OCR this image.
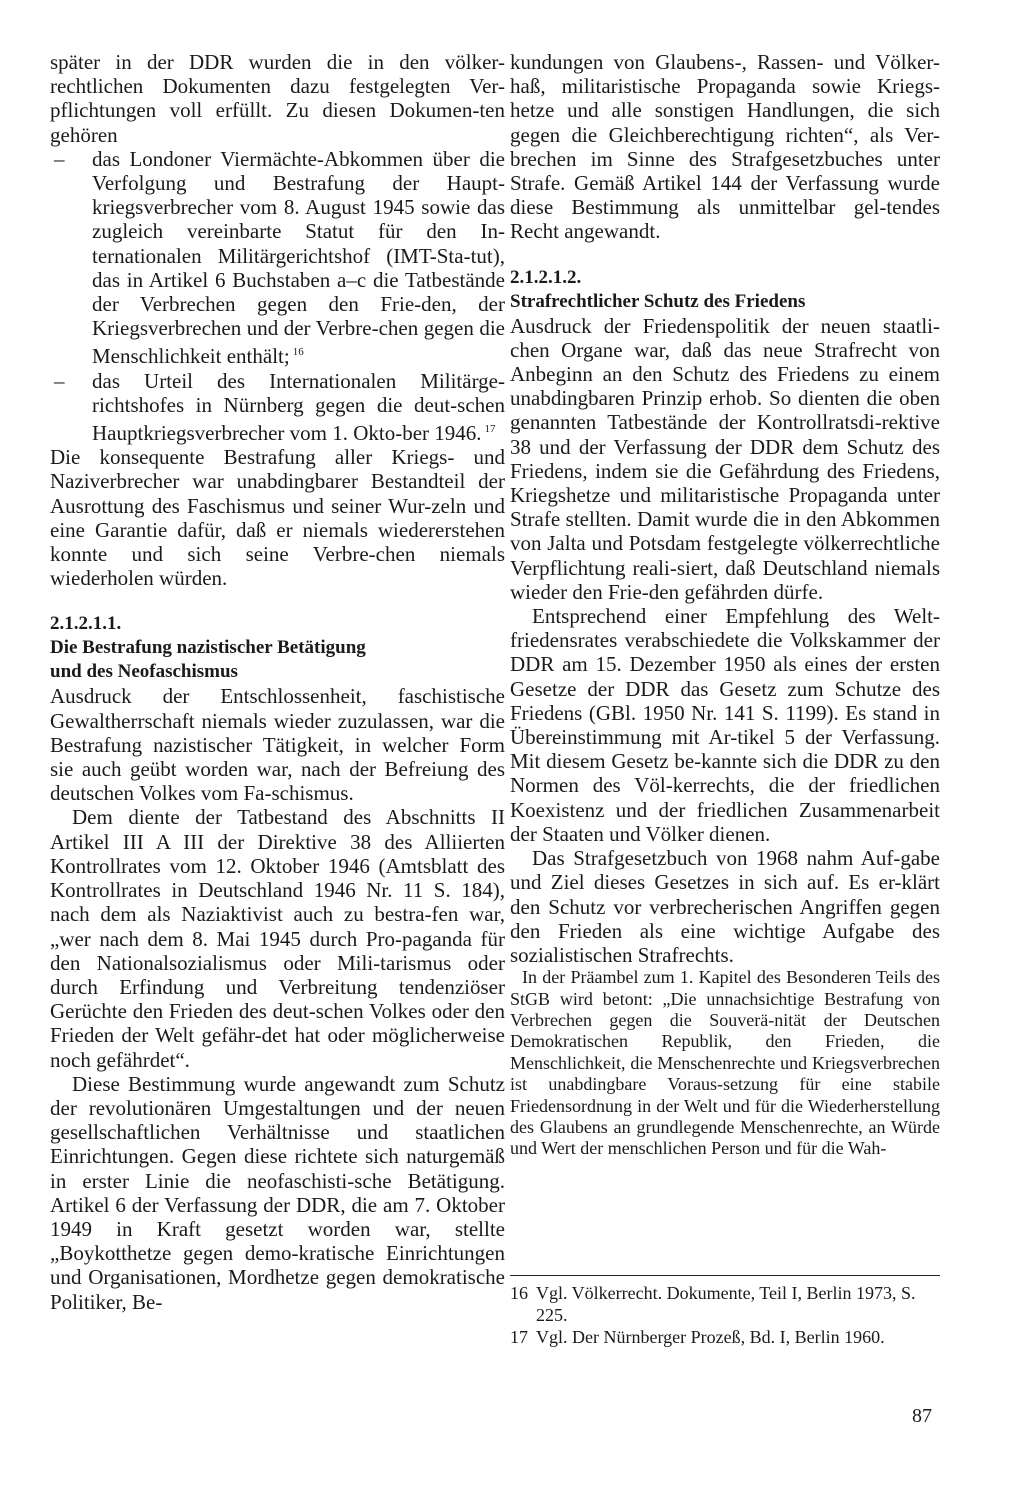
später in der DDR wurden die in den völker-rechtlichen Dokumenten dazu festgelegten Ver-pflichtungen voll erfüllt. Zu diesen Dokumen-ten gehören

– das Londoner Viermächte-Abkommen über die Verfolgung und Bestrafung der Haupt-kriegsverbrecher vom 8. August 1945 sowie das zugleich vereinbarte Statut für den In-ternationalen Militärgerichtshof (IMT-Sta-tut), das in Artikel 6 Buchstaben a–c die Tatbestände der Verbrechen gegen den Frie-den, der Kriegsverbrechen und der Verbre-chen gegen die Menschlichkeit enthält; $^{16}$
– das Urteil des Internationalen Militärge-richtshofes in Nürnberg gegen die deut-schen Hauptkriegsverbrecher vom 1. Okto-ber 1946. $^{17}$

Die konsequente Bestrafung aller Kriegs- und Naziverbrecher war unabdingbarer Bestandteil der Ausrottung des Faschismus und seiner Wur-zeln und eine Garantie dafür, daß er niemals wiedererstehen konnte und sich seine Verbre-chen niemals wiederholen würden.

2.1.2.1.1.
Die Bestrafung nazistischer Betätigung
und des Neofaschismus

Ausdruck der Entschlossenheit, faschistische Gewaltherrschaft niemals wieder zuzulassen, war die Bestrafung nazistischer Tätigkeit, in welcher Form sie auch geübt worden war, nach der Befreiung des deutschen Volkes vom Fa-schismus.

Dem diente der Tatbestand des Abschnitts II Artikel III A III der Direktive 38 des Alliierten Kontrollrates vom 12. Oktober 1946 (Amtsblatt des Kontrollrates in Deutschland 1946 Nr. 11 S. 184), nach dem als Naziaktivist auch zu bestra-fen war, „wer nach dem 8. Mai 1945 durch Pro-paganda für den Nationalsozialismus oder Mili-tarismus oder durch Erfindung und Verbreitung tendenziöser Gerüchte den Frieden des deut-schen Volkes oder den Frieden der Welt gefähr-det hat oder möglicherweise noch gefährdet“.

Diese Bestimmung wurde angewandt zum Schutz der revolutionären Umgestaltungen und der neuen gesellschaftlichen Verhältnisse und staatlichen Einrichtungen. Gegen diese richtete sich naturgemäß in erster Linie die neofaschisti-sche Betätigung. Artikel 6 der Verfassung der DDR, die am 7. Oktober 1949 in Kraft gesetzt worden war, stellte „Boykotthetze gegen demo-kratische Einrichtungen und Organisationen, Mordhetze gegen demokratische Politiker, Be-

kundungen von Glaubens-, Rassen- und Völker-haß, militaristische Propaganda sowie Kriegs-hetze und alle sonstigen Handlungen, die sich gegen die Gleichberechtigung richten“, als Ver-brechen im Sinne des Strafgesetzbuches unter Strafe. Gemäß Artikel 144 der Verfassung wurde diese Bestimmung als unmittelbar gel-tendes Recht angewandt.

2.1.2.1.2.
Strafrechtlicher Schutz des Friedens

Ausdruck der Friedenspolitik der neuen staatli-chen Organe war, daß das neue Strafrecht von Anbeginn an den Schutz des Friedens zu einem unabdingbaren Prinzip erhob. So dienten die oben genannten Tatbestände der Kontrollratsdi-rektive 38 und der Verfassung der DDR dem Schutz des Friedens, indem sie die Gefährdung des Friedens, Kriegshetze und militaristische Propaganda unter Strafe stellten. Damit wurde die in den Abkommen von Jalta und Potsdam festgelegte völkerrechtliche Verpflichtung reali-siert, daß Deutschland niemals wieder den Frie-den gefährden dürfe.

Entsprechend einer Empfehlung des Welt-friedensrates verabschiedete die Volkskammer der DDR am 15. Dezember 1950 als eines der ersten Gesetze der DDR das Gesetz zum Schutze des Friedens (GBl. 1950 Nr. 141 S. 1199). Es stand in Übereinstimmung mit Ar-tikel 5 der Verfassung. Mit diesem Gesetz be-kannte sich die DDR zu den Normen des Völ-kerrechts, die der friedlichen Koexistenz und der friedlichen Zusammenarbeit der Staaten und Völker dienen.

Das Strafgesetzbuch von 1968 nahm Auf-gabe und Ziel dieses Gesetzes in sich auf. Es er-klärt den Schutz vor verbrecherischen Angriffen gegen den Frieden als eine wichtige Aufgabe des sozialistischen Strafrechts.

In der Präambel zum 1. Kapitel des Besonderen Teils des StGB wird betont: „Die unnachsichtige Bestrafung von Verbrechen gegen die Souverä-nität der Deutschen Demokratischen Republik, den Frieden, die Menschlichkeit, die Menschenrechte und Kriegsverbrechen ist unabdingbare Voraus-setzung für eine stabile Friedensordnung in der Welt und für die Wiederherstellung des Glaubens an grundlegende Menschenrechte, an Würde und Wert der menschlichen Person und für die Wah-

16 Vgl. Völkerrecht. Dokumente, Teil I, Berlin 1973, S. 225.
17 Vgl. Der Nürnberger Prozeß, Bd. I, Berlin 1960.
87
